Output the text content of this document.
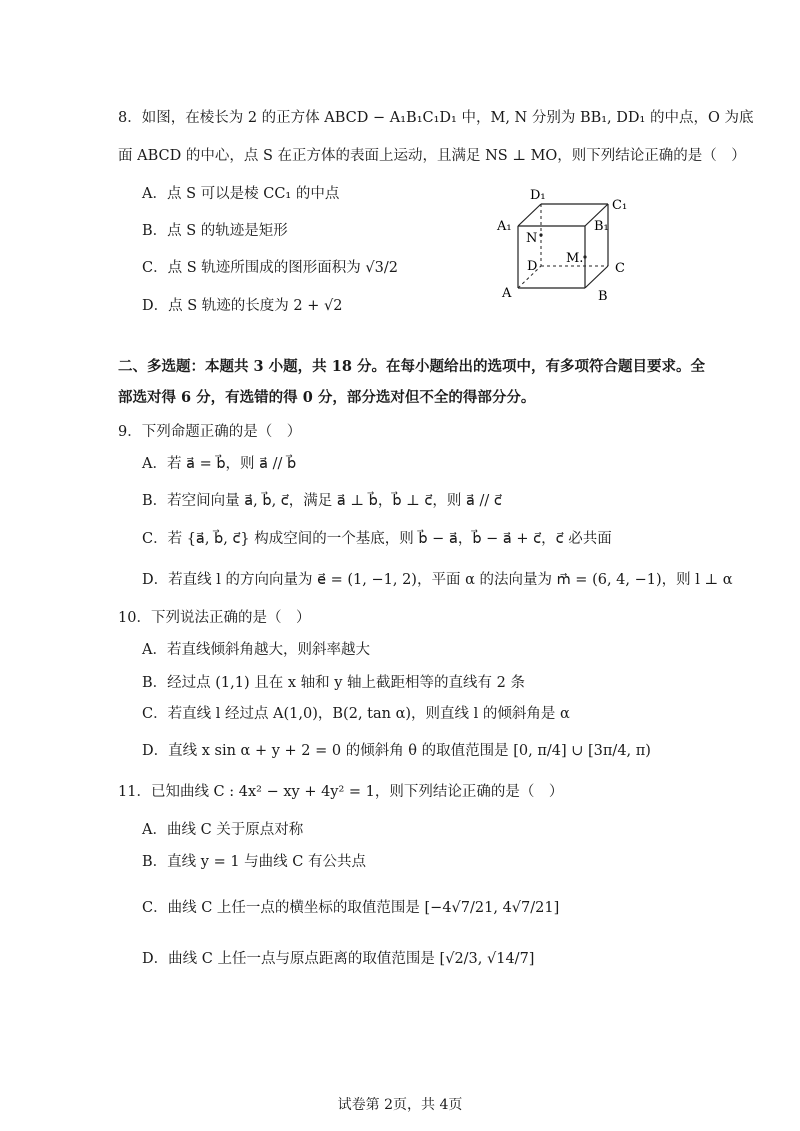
8．如图，在棱长为 2 的正方体 ABCD − A₁B₁C₁D₁ 中，M, N 分别为 BB₁, DD₁ 的中点，O 为底
面 ABCD 的中心，点 S 在正方体的表面上运动，且满足 NS ⊥ MO，则下列结论正确的是（　）
A．点 S 可以是棱 CC₁ 的中点
B．点 S 的轨迹是矩形
C．点 S 轨迹所围成的图形面积为 √3/2
D．点 S 轨迹的长度为 2 + √2
D₁
C₁
A₁	B₁
N
M.
D	C
A	B
二、多选题：本题共 3 小题，共 18 分。在每小题给出的选项中，有多项符合题目要求。全
部选对得 6 分，有选错的得 0 分，部分选对但不全的得部分分。
9．下列命题正确的是（　）
A．若 a⃗ = b⃗，则 a⃗ // b⃗
B．若空间向量 a⃗, b⃗, c⃗，满足 a⃗ ⊥ b⃗，b⃗ ⊥ c⃗，则 a⃗ // c⃗
C．若 {a⃗, b⃗, c⃗} 构成空间的一个基底，则 b⃗ − a⃗，b⃗ − a⃗ + c⃗，c⃗ 必共面
D．若直线 l 的方向向量为 e⃗ = (1, −1, 2)，平面 α 的法向量为 m⃗ = (6, 4, −1)，则 l ⊥ α
10．下列说法正确的是（　）
A．若直线倾斜角越大，则斜率越大
B．经过点 (1,1) 且在 x 轴和 y 轴上截距相等的直线有 2 条
C．若直线 l 经过点 A(1,0)，B(2, tan α)，则直线 l 的倾斜角是 α
D．直线 x sin α + y + 2 = 0 的倾斜角 θ 的取值范围是 [0, π/4] ∪ [3π/4, π)
11．已知曲线 C : 4x² − xy + 4y² = 1，则下列结论正确的是（　）
A．曲线 C 关于原点对称
B．直线 y = 1 与曲线 C 有公共点
C．曲线 C 上任一点的横坐标的取值范围是 [−4√7/21, 4√7/21]
D．曲线 C 上任一点与原点距离的取值范围是 [√2/3, √14/7]
试卷第 2页，共 4页
